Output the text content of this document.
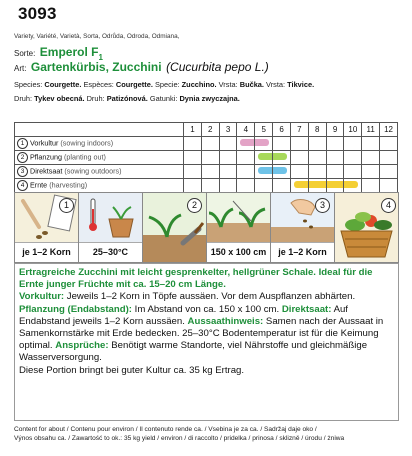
3093
Variety, Variété, Varietà, Sorta, Odrůda, Odroda, Odmiana,
Sorte: Emperol $F_1$
Art: Gartenkürbis, Zucchini (Cucurbita pepo L.)
Species: Courgette. Espèces: Courgette. Specie: Zucchino. Vrsta: Bučka. Vrsta: Tikvice.
Druh: Tykev obecná. Druh: Patizónová. Gatunki: Dynia zwyczajna.
	1	2	3	4	5	6	7	8	9	10	11	12
1 Vorkultur (sowing indoors)				

2 Pflanzung (planting out)					

3 Direktsaat (sowing outdoors)					

4 Ernte (harvesting)							

1
je 1–2 Korn	25–30°C
2
150 x 100 cm
3
je 1–2 Korn
4

Ertragreiche Zucchini mit leicht gesprenkelter, hellgrüner Schale. Ideal für die Ernte junger Früchte mit ca. 15–20 cm Länge.

Vorkultur: Jeweils 1–2 Korn in Töpfe aussäen. Vor dem Auspflanzen abhärten.

Pflanzung (Endabstand): Im Abstand von ca. 150 x 100 cm. Direktsaat: Auf Endabstand jeweils 1–2 Korn aussäen. Aussaathinweis: Samen nach der Aussaat in Samenkornstärke mit Erde bedecken. 25–30°C Bodentemperatur ist für die Keimung optimal. Ansprüche: Benötigt warme Standorte, viel Nährstoffe und gleichmäßige Wasserversorgung.

Diese Portion bringt bei guter Kultur ca. 35 kg Ertrag.

Content for about / Contenu pour environ / Il contenuto rende ca. / Vsebina je za ca. / Sadržaj daje oko /
Výnos obsahu ca. / Zawartość to ok.: 35 kg yield / environ / di raccolto / pridelka / prinosa / sklizně / úrodu / żniwa
